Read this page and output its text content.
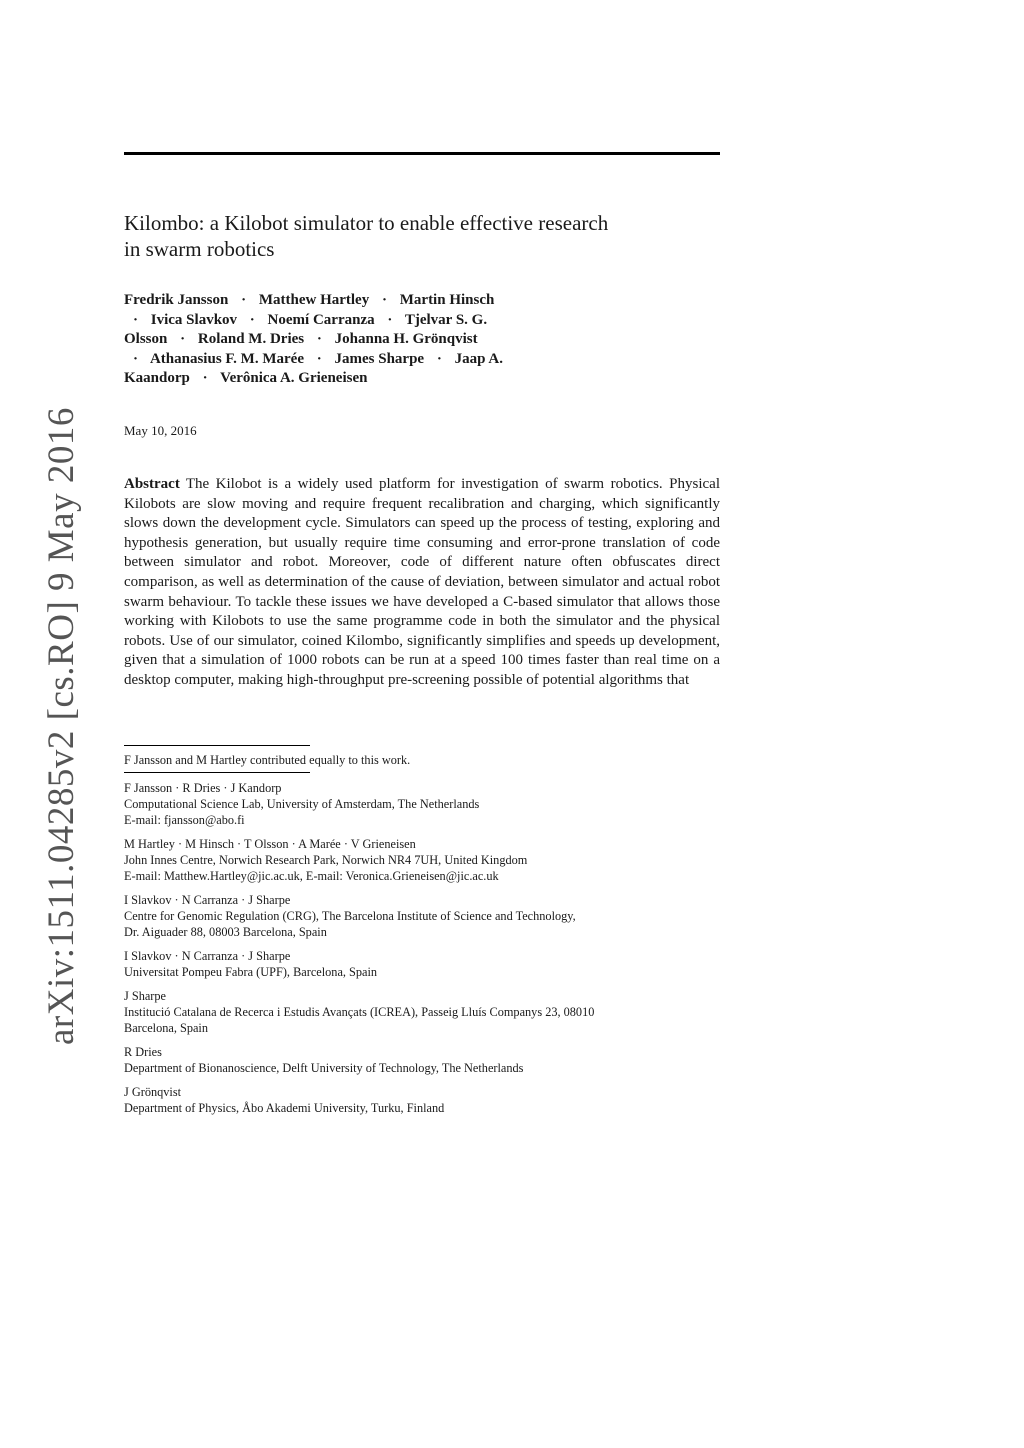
arXiv:1511.04285v2 [cs.RO] 9 May 2016
Kilombo: a Kilobot simulator to enable effective research
in swarm robotics
Fredrik Jansson · Matthew Hartley · Martin Hinsch · Ivica Slavkov · Noemí Carranza · Tjelvar S. G. Olsson · Roland M. Dries · Johanna H. Grönqvist · Athanasius F. M. Marée · James Sharpe · Jaap A. Kaandorp · Verônica A. Grieneisen
May 10, 2016
Abstract The Kilobot is a widely used platform for investigation of swarm robotics. Physical Kilobots are slow moving and require frequent recalibration and charging, which significantly slows down the development cycle. Simulators can speed up the process of testing, exploring and hypothesis generation, but usually require time consuming and error-prone translation of code between simulator and robot. Moreover, code of different nature often obfuscates direct comparison, as well as determination of the cause of deviation, between simulator and actual robot swarm behaviour. To tackle these issues we have developed a C-based simulator that allows those working with Kilobots to use the same programme code in both the simulator and the physical robots. Use of our simulator, coined Kilombo, significantly simplifies and speeds up development, given that a simulation of 1000 robots can be run at a speed 100 times faster than real time on a desktop computer, making high-throughput pre-screening possible of potential algorithms that
F Jansson and M Hartley contributed equally to this work.
F Jansson · R Dries · J Kandorp
Computational Science Lab, University of Amsterdam, The Netherlands
E-mail: fjansson@abo.fi
M Hartley · M Hinsch · T Olsson · A Marée · V Grieneisen
John Innes Centre, Norwich Research Park, Norwich NR4 7UH, United Kingdom
E-mail: Matthew.Hartley@jic.ac.uk, E-mail: Veronica.Grieneisen@jic.ac.uk
I Slavkov · N Carranza · J Sharpe
Centre for Genomic Regulation (CRG), The Barcelona Institute of Science and Technology,
Dr. Aiguader 88, 08003 Barcelona, Spain
I Slavkov · N Carranza · J Sharpe
Universitat Pompeu Fabra (UPF), Barcelona, Spain
J Sharpe
Institució Catalana de Recerca i Estudis Avançats (ICREA), Passeig Lluís Companys 23, 08010
Barcelona, Spain
R Dries
Department of Bionanoscience, Delft University of Technology, The Netherlands
J Grönqvist
Department of Physics, Åbo Akademi University, Turku, Finland
